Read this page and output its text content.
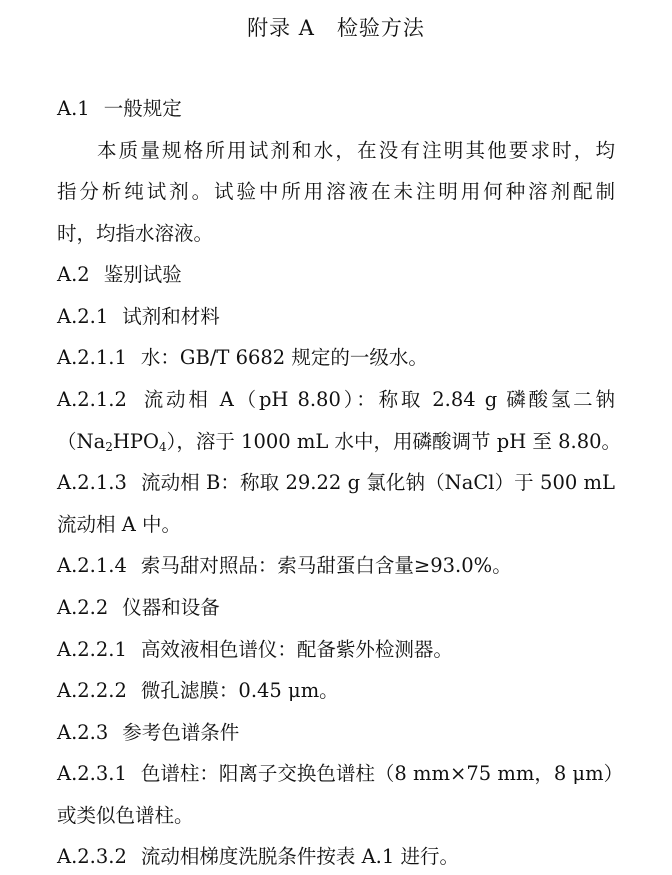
附录 A 检验方法
A.1 一般规定
本质量规格所用试剂和水，在没有注明其他要求时，均
指分析纯试剂。试验中所用溶液在未注明用何种溶剂配制
时，均指水溶液。
A.2 鉴别试验
A.2.1 试剂和材料
A.2.1.1 水：GB/T 6682 规定的一级水。
A.2.1.2 流动相 A（pH 8.80）：称取 2.84 g 磷酸氢二钠
$(Na_2HPO_4)$，溶于 1000 mL 水中，用磷酸调节 pH 至 8.80。
A.2.1.3 流动相 B：称取 29.22 g 氯化钠（NaCl）于 500 mL
流动相 A 中。
A.2.1.4 索马甜对照品：索马甜蛋白含量≥93.0%。
A.2.2 仪器和设备
A.2.2.1 高效液相色谱仪：配备紫外检测器。
A.2.2.2 微孔滤膜：0.45 μm。
A.2.3 参考色谱条件
A.2.3.1 色谱柱：阳离子交换色谱柱（8 mm×75 mm，8 μm）
或类似色谱柱。
A.2.3.2 流动相梯度洗脱条件按表 A.1 进行。
